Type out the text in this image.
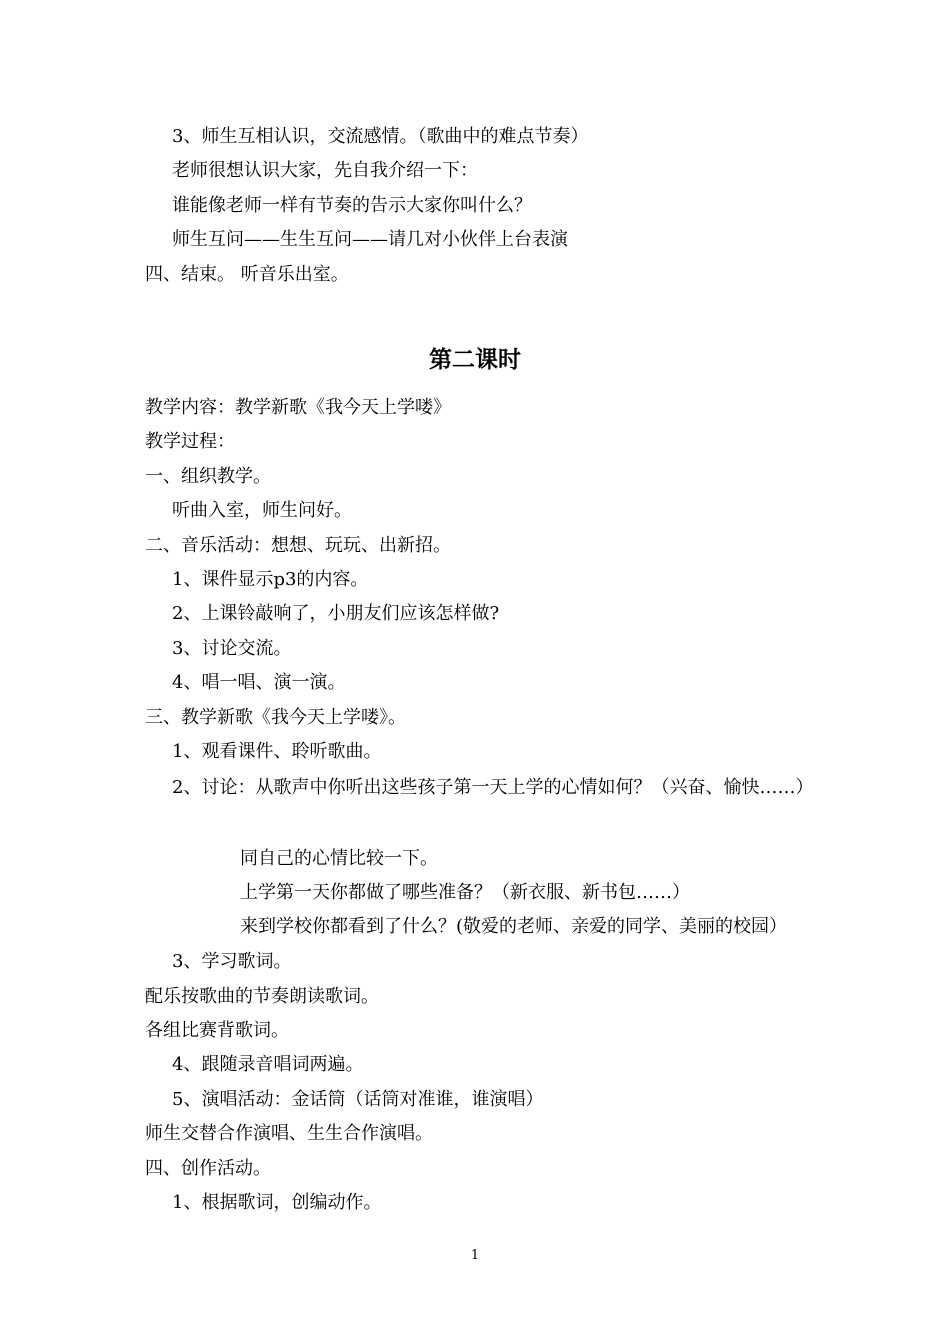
3、师生互相认识，交流感情。（歌曲中的难点节奏）
老师很想认识大家，先自我介绍一下：
谁能像老师一样有节奏的告示大家你叫什么？
师生互问——生生互问——请几对小伙伴上台表演
四、结束。 听音乐出室。
第二课时
教学内容：教学新歌《我今天上学喽》
教学过程：
一、组织教学。
听曲入室，师生问好。
二、音乐活动：想想、玩玩、出新招。
1、课件显示p3的内容。
2、上课铃敲响了，小朋友们应该怎样做?
3、讨论交流。
4、唱一唱、演一演。
三、教学新歌《我今天上学喽》。
1、观看课件、聆听歌曲。
2、讨论：从歌声中你听出这些孩子第一天上学的心情如何？（兴奋、愉快……）
同自己的心情比较一下。
上学第一天你都做了哪些准备？（新衣服、新书包……）
来到学校你都看到了什么？(敬爱的老师、亲爱的同学、美丽的校园）
3、学习歌词。
配乐按歌曲的节奏朗读歌词。
各组比赛背歌词。
4、跟随录音唱词两遍。
5、演唱活动：金话筒（话筒对准谁，谁演唱）
师生交替合作演唱、生生合作演唱。
四、创作活动。
1、根据歌词，创编动作。
1
